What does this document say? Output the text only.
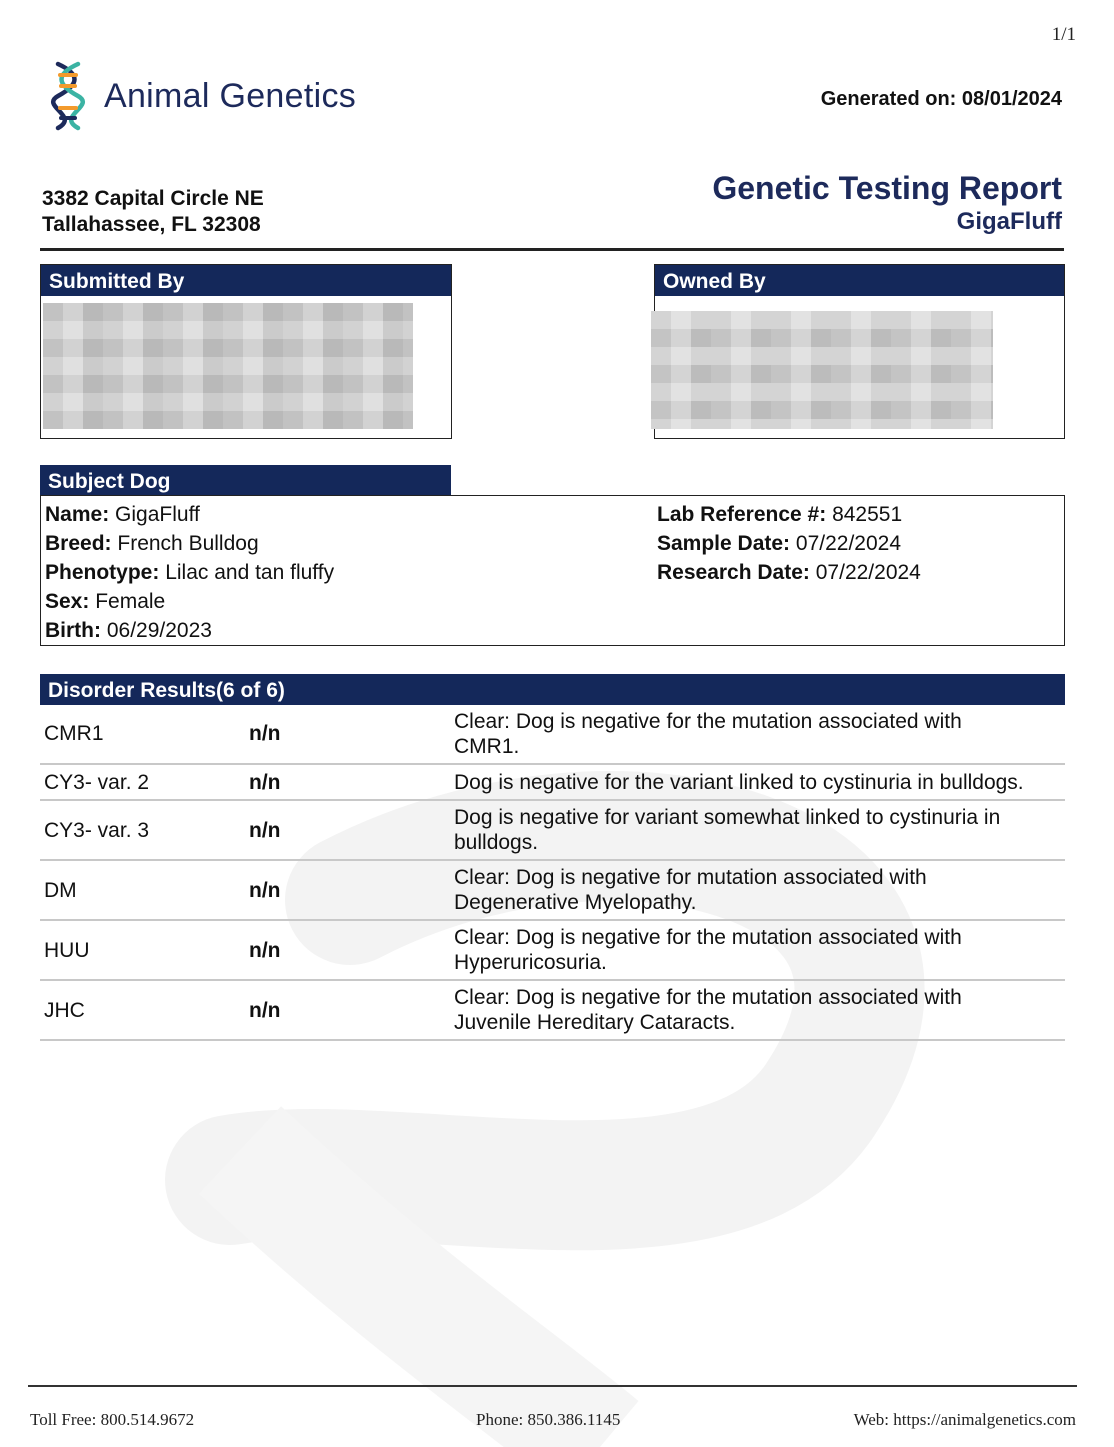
1/1
Animal Genetics	Generated on: 08/01/2024
3382 Capital Circle NE
Tallahassee, FL 32308
Genetic Testing Report
GigaFluff
Submitted By	Owned By
Subject Dog
Name: GigaFluff
Breed: French Bulldog
Phenotype: Lilac and tan fluffy
Sex: Female
Birth: 06/29/2023
Lab Reference #: 842551
Sample Date: 07/22/2024
Research Date: 07/22/2024
Disorder Results(6 of 6)
CMR1	n/n	Clear: Dog is negative for the mutation associated with
CMR1.

CY3- var. 2	n/n	Dog is negative for the variant linked to cystinuria in bulldogs.

CY3- var. 3	n/n	Dog is negative for variant somewhat linked to cystinuria in
bulldogs.

DM	n/n	Clear: Dog is negative for mutation associated with
Degenerative Myelopathy.

HUU	n/n	Clear: Dog is negative for the mutation associated with
Hyperuricosuria.

JHC	n/n	Clear: Dog is negative for the mutation associated with
Juvenile Hereditary Cataracts.
Toll Free: 800.514.9672	Phone: 850.386.1145	Web: https://animalgenetics.com
